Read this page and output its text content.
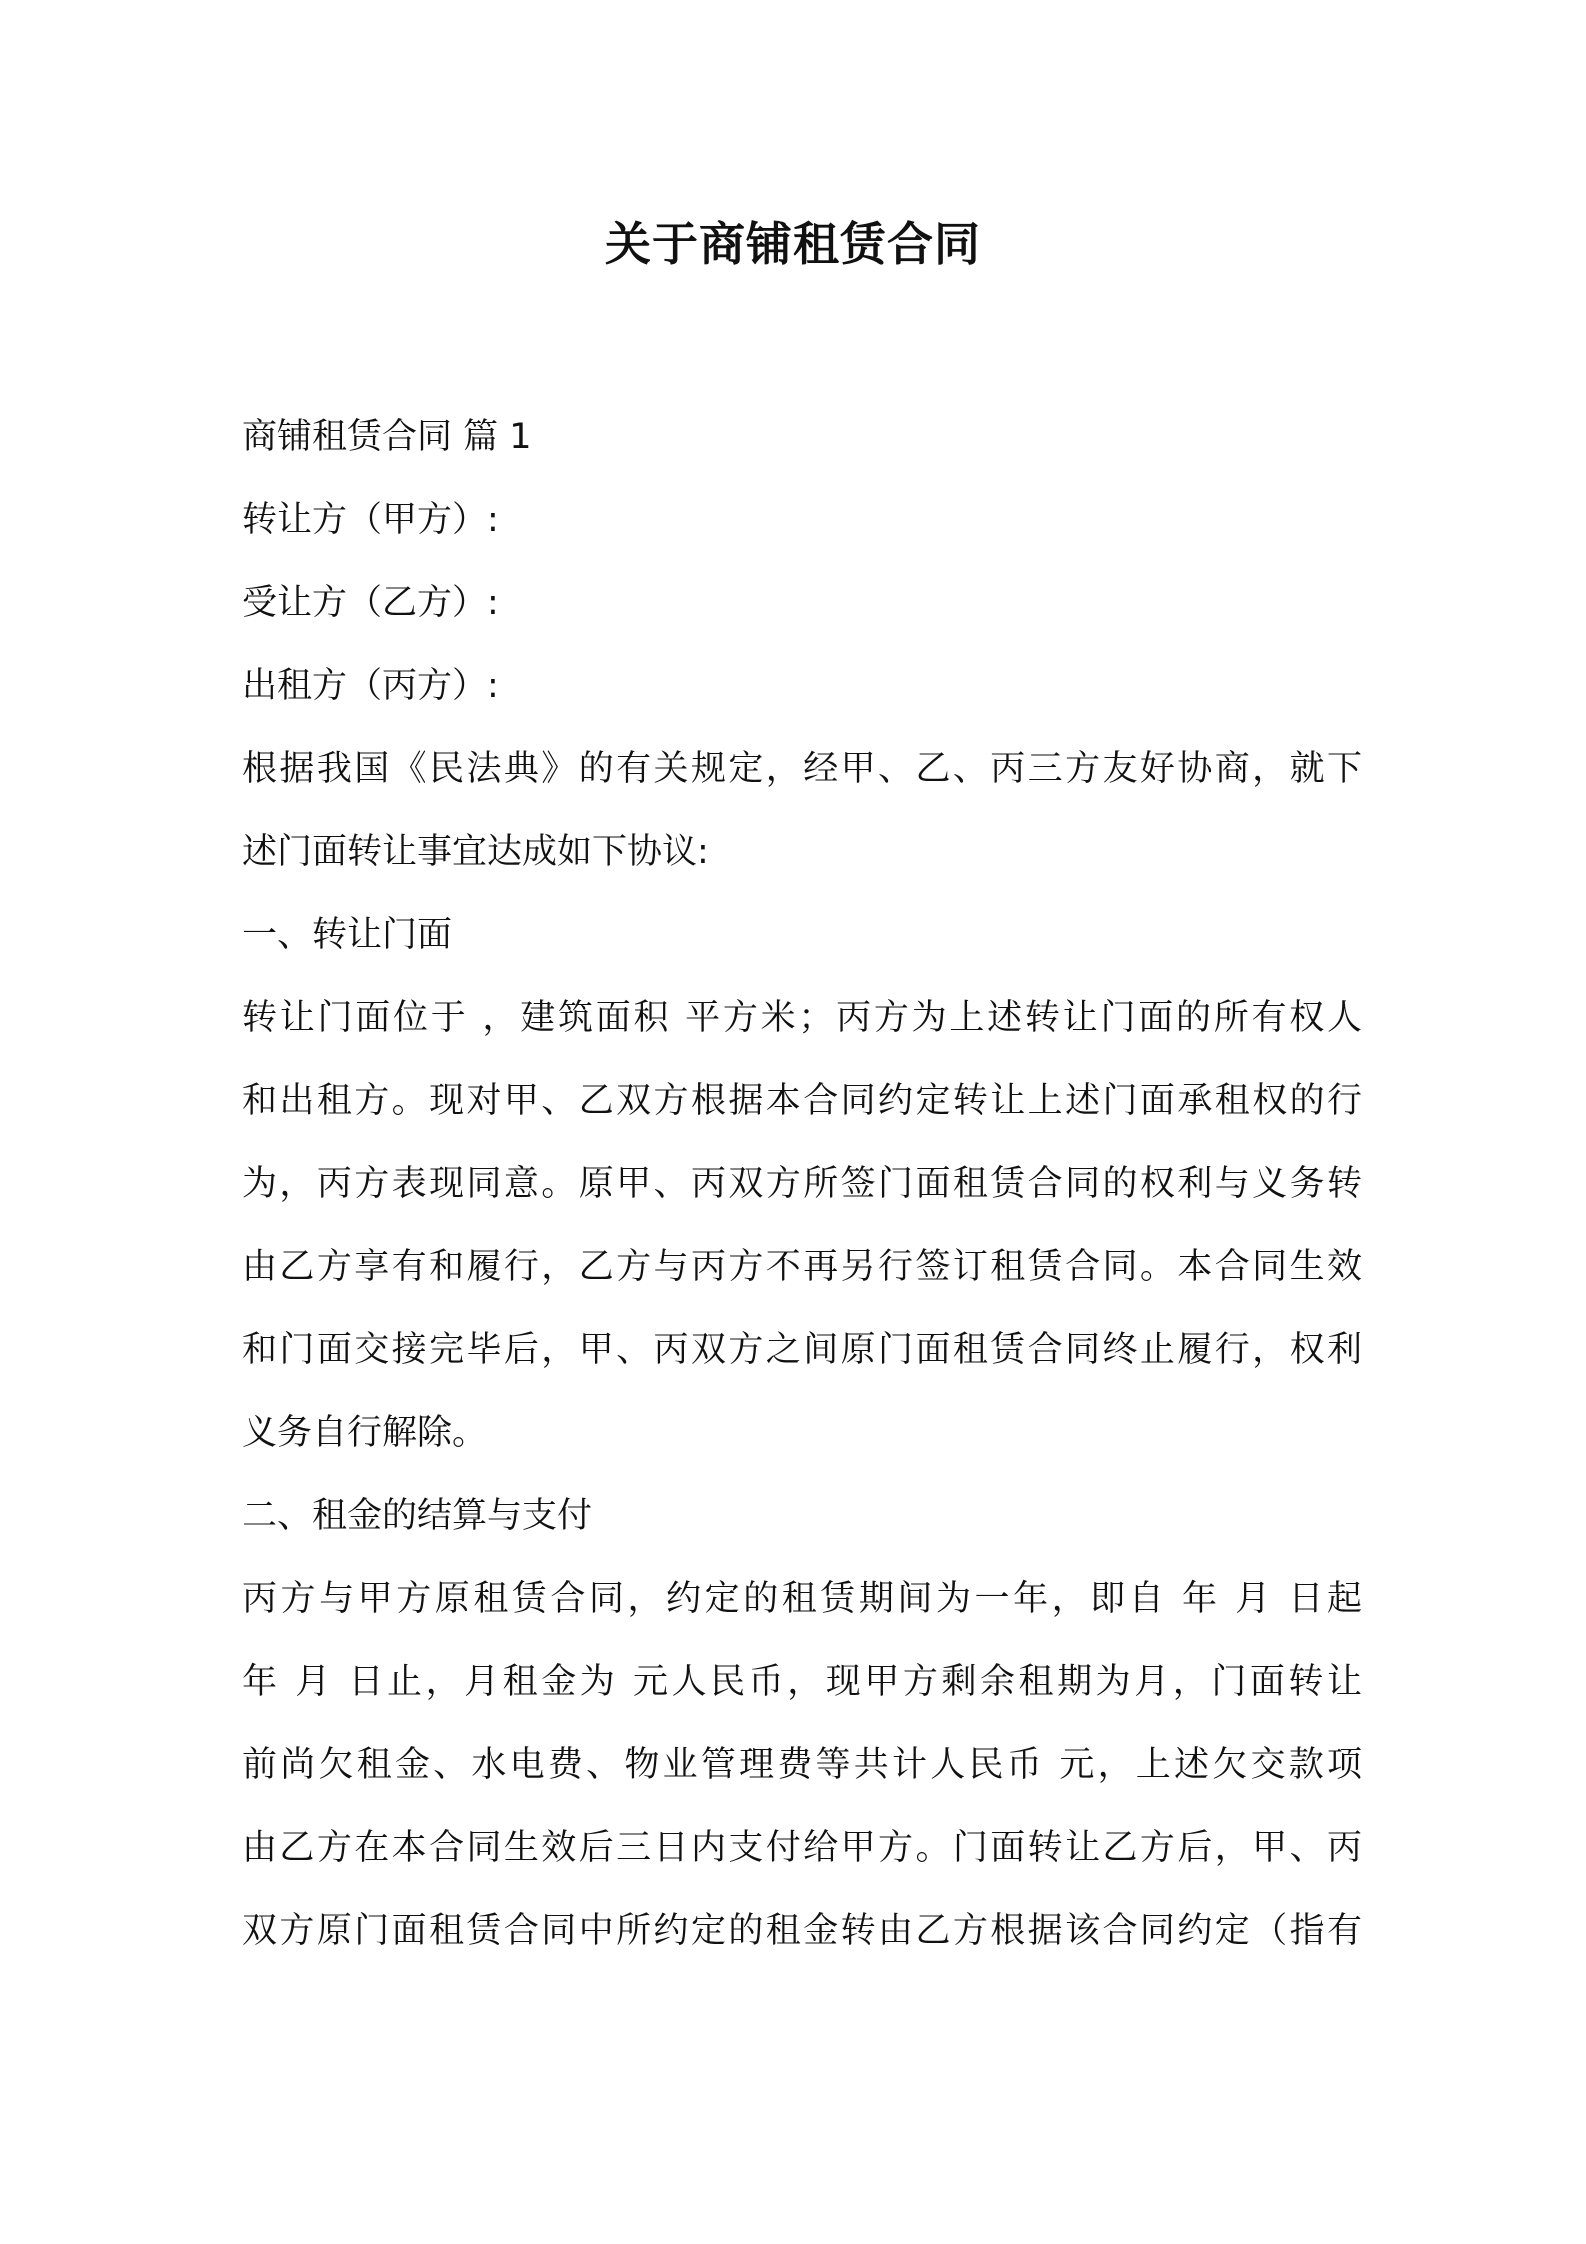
关于商铺租赁合同
商铺租赁合同 篇 1
转让方（甲方）:
受让方（乙方）:
出租方（丙方）:
根据我国《民法典》的有关规定，经甲、乙、丙三方友好协商，就下
述门面转让事宜达成如下协议:
一、转让门面
转让门面位于 ，建筑面积 平方米；丙方为上述转让门面的所有权人
和出租方。现对甲、乙双方根据本合同约定转让上述门面承租权的行
为，丙方表现同意。原甲、丙双方所签门面租赁合同的权利与义务转
由乙方享有和履行，乙方与丙方不再另行签订租赁合同。本合同生效
和门面交接完毕后，甲、丙双方之间原门面租赁合同终止履行，权利
义务自行解除。
二、租金的结算与支付
丙方与甲方原租赁合同，约定的租赁期间为一年，即自 年 月 日起
年 月 日止，月租金为 元人民币，现甲方剩余租期为月，门面转让
前尚欠租金、水电费、物业管理费等共计人民币 元，上述欠交款项
由乙方在本合同生效后三日内支付给甲方。门面转让乙方后，甲、丙
双方原门面租赁合同中所约定的租金转由乙方根据该合同约定（指有
